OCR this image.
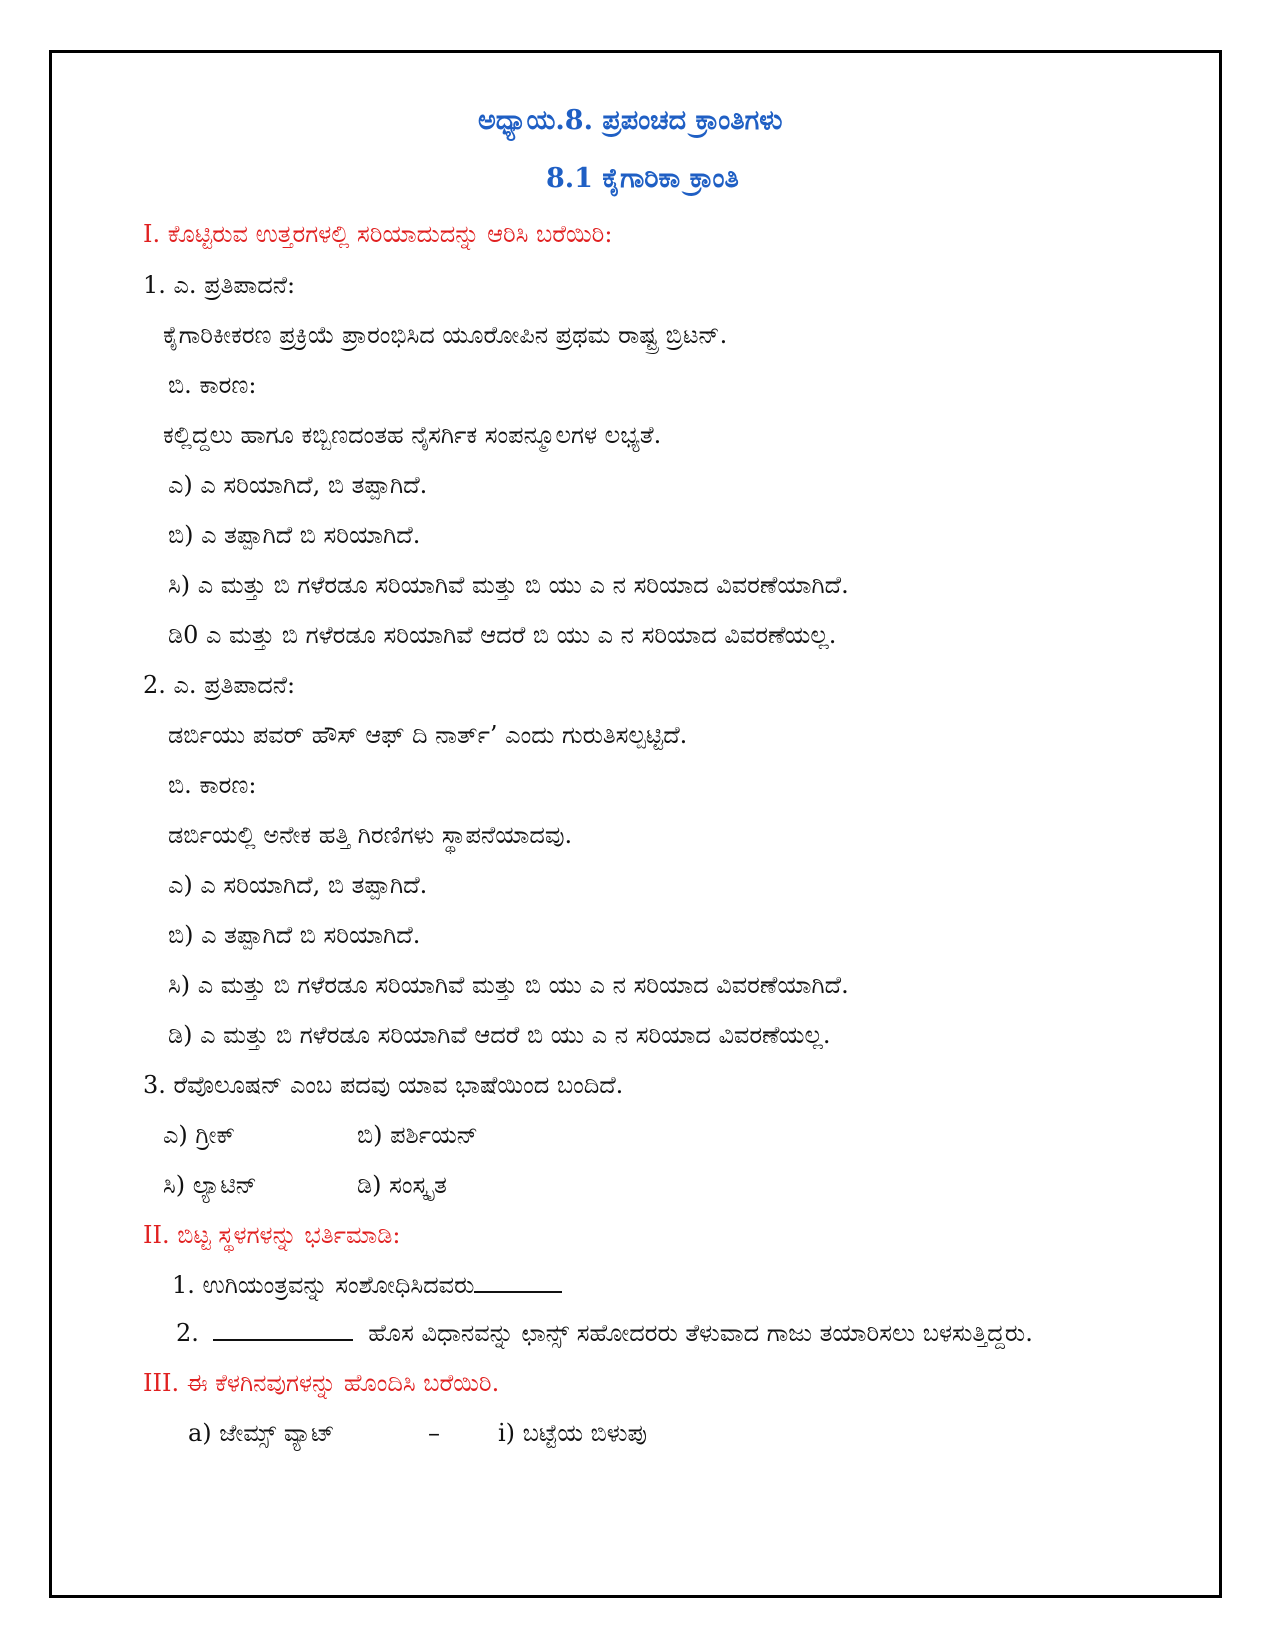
ಅಧ್ಯಾಯ.8. ಪ್ರಪಂಚದ ಕ್ರಾಂತಿಗಳು
8.1 ಕೈಗಾರಿಕಾ ಕ್ರಾಂತಿ
I. ಕೊಟ್ಟಿರುವ ಉತ್ತರಗಳಲ್ಲಿ ಸರಿಯಾದುದನ್ನು ಆರಿಸಿ ಬರೆಯಿರಿ:
1. ಎ. ಪ್ರತಿಪಾದನೆ:
ಕೈಗಾರಿಕೀಕರಣ ಪ್ರಕ್ರಿಯೆ ಪ್ರಾರಂಭಿಸಿದ ಯೂರೋಪಿನ ಪ್ರಥಮ ರಾಷ್ಟ್ರ ಬ್ರಿಟನ್.
ಬಿ. ಕಾರಣ:
ಕಲ್ಲಿದ್ದಲು ಹಾಗೂ ಕಬ್ಬಿಣದಂತಹ ನೈಸರ್ಗಿಕ ಸಂಪನ್ಮೂಲಗಳ ಲಭ್ಯತೆ.
ಎ) ಎ ಸರಿಯಾಗಿದೆ, ಬಿ ತಪ್ಪಾಗಿದೆ.
ಬಿ) ಎ ತಪ್ಪಾಗಿದೆ ಬಿ ಸರಿಯಾಗಿದೆ.
ಸಿ) ಎ ಮತ್ತು ಬಿ ಗಳೆರಡೂ ಸರಿಯಾಗಿವೆ ಮತ್ತು ಬಿ ಯು ಎ ನ ಸರಿಯಾದ ವಿವರಣೆಯಾಗಿದೆ.
ಡಿ0 ಎ ಮತ್ತು ಬಿ ಗಳೆರಡೂ ಸರಿಯಾಗಿವೆ ಆದರೆ ಬಿ ಯು ಎ ನ ಸರಿಯಾದ ವಿವರಣೆಯಲ್ಲ.
2. ಎ. ಪ್ರತಿಪಾದನೆ:
ಡರ್ಬಿಯು ಪವರ್ ಹೌಸ್ ಆಫ್ ದಿ ನಾರ್ತ್’ ಎಂದು ಗುರುತಿಸಲ್ಪಟ್ಟಿದೆ.
ಬಿ. ಕಾರಣ:
ಡರ್ಬಿಯಲ್ಲಿ ಅನೇಕ ಹತ್ತಿ ಗಿರಣಿಗಳು ಸ್ಥಾಪನೆಯಾದವು.
ಎ) ಎ ಸರಿಯಾಗಿದೆ, ಬಿ ತಪ್ಪಾಗಿದೆ.
ಬಿ) ಎ ತಪ್ಪಾಗಿದೆ ಬಿ ಸರಿಯಾಗಿದೆ.
ಸಿ) ಎ ಮತ್ತು ಬಿ ಗಳೆರಡೂ ಸರಿಯಾಗಿವೆ ಮತ್ತು ಬಿ ಯು ಎ ನ ಸರಿಯಾದ ವಿವರಣೆಯಾಗಿದೆ.
ಡಿ) ಎ ಮತ್ತು ಬಿ ಗಳೆರಡೂ ಸರಿಯಾಗಿವೆ ಆದರೆ ಬಿ ಯು ಎ ನ ಸರಿಯಾದ ವಿವರಣೆಯಲ್ಲ.
3. ರೆವೊಲೂಷನ್ ಎಂಬ ಪದವು ಯಾವ ಭಾಷೆಯಿಂದ ಬಂದಿದೆ.
ಎ) ಗ್ರೀಕ್	ಬಿ) ಪರ್ಶಿಯನ್
ಸಿ) ಲ್ಯಾಟಿನ್	ಡಿ) ಸಂಸ್ಕೃತ
II. ಬಿಟ್ಟ ಸ್ಥಳಗಳನ್ನು ಭರ್ತಿಮಾಡಿ:
1. ಉಗಿಯಂತ್ರವನ್ನು ಸಂಶೋಧಿಸಿದವರು
2.	ಹೊಸ ವಿಧಾನವನ್ನು ಛಾನ್ಸ್ ಸಹೋದರರು ತೆಳುವಾದ ಗಾಜು ತಯಾರಿಸಲು ಬಳಸುತ್ತಿದ್ದರು.
III. ಈ ಕೆಳಗಿನವುಗಳನ್ನು ಹೊಂದಿಸಿ ಬರೆಯಿರಿ.
a) ಜೇಮ್ಸ್ ವ್ಯಾಟ್	– i) ಬಟ್ಟೆಯ ಬಿಳುಪು
